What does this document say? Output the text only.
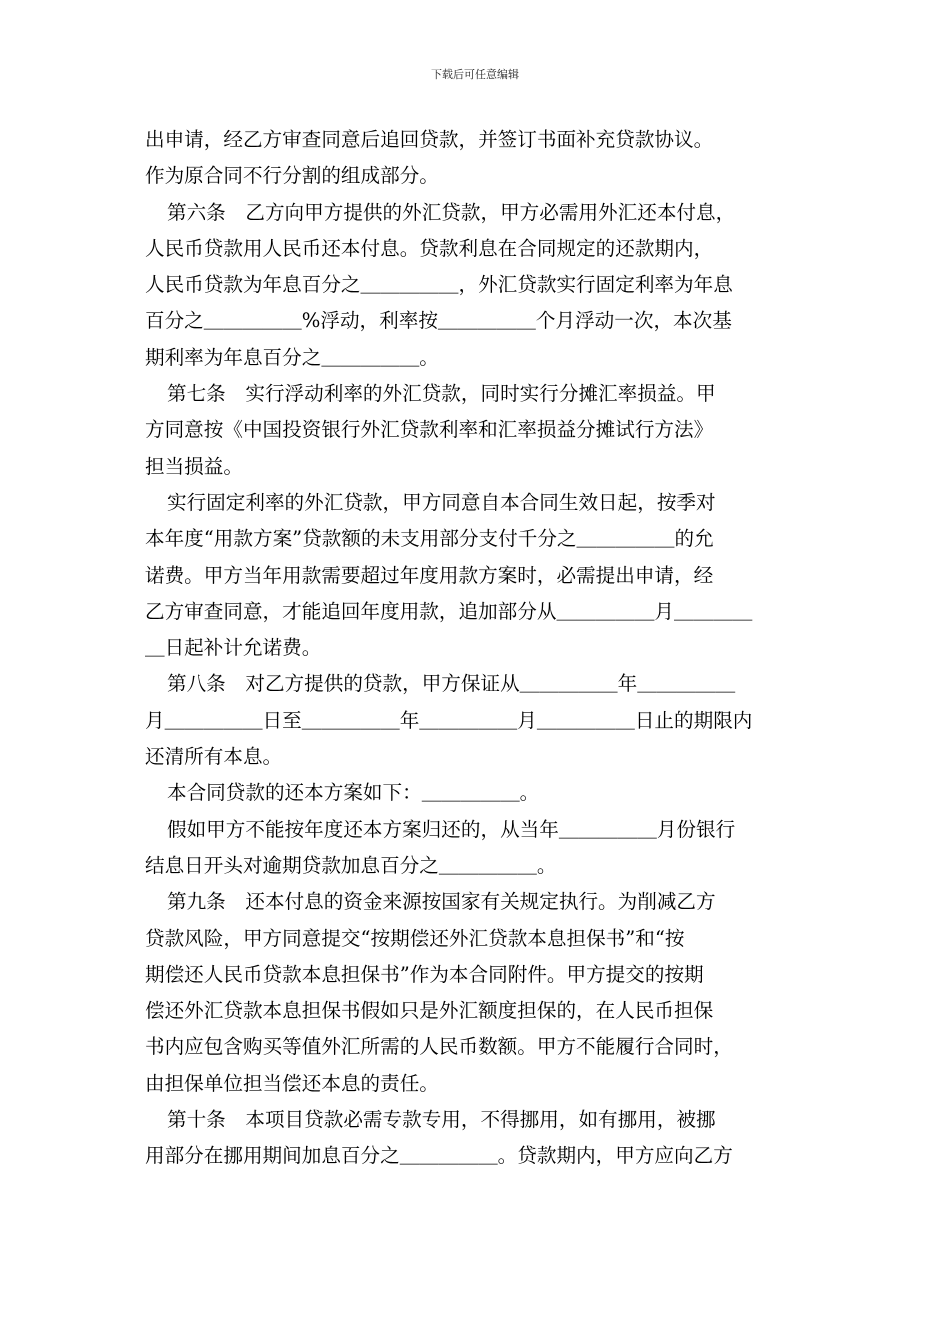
下载后可任意编辑
出申请，经乙方审查同意后追回贷款，并签订书面补充贷款协议。
作为原合同不行分割的组成部分。
第六条　乙方向甲方提供的外汇贷款，甲方必需用外汇还本付息，
人民币贷款用人民币还本付息。贷款利息在合同规定的还款期内，
人民币贷款为年息百分之＿＿＿＿＿，外汇贷款实行固定利率为年息
百分之＿＿＿＿＿%浮动，利率按＿＿＿＿＿个月浮动一次，本次基
期利率为年息百分之＿＿＿＿＿。
第七条　实行浮动利率的外汇贷款，同时实行分摊汇率损益。甲
方同意按《中国投资银行外汇贷款利率和汇率损益分摊试行方法》
担当损益。
实行固定利率的外汇贷款，甲方同意自本合同生效日起，按季对
本年度“用款方案”贷款额的未支用部分支付千分之＿＿＿＿＿的允
诺费。甲方当年用款需要超过年度用款方案时，必需提出申请，经
乙方审查同意，才能追回年度用款，追加部分从＿＿＿＿＿月＿＿＿＿
＿日起补计允诺费。
第八条　对乙方提供的贷款，甲方保证从＿＿＿＿＿年＿＿＿＿＿
月＿＿＿＿＿日至＿＿＿＿＿年＿＿＿＿＿月＿＿＿＿＿日止的期限内
还清所有本息。
本合同贷款的还本方案如下：＿＿＿＿＿。
假如甲方不能按年度还本方案归还的，从当年＿＿＿＿＿月份银行
结息日开头对逾期贷款加息百分之＿＿＿＿＿。
第九条　还本付息的资金来源按国家有关规定执行。为削减乙方
贷款风险，甲方同意提交“按期偿还外汇贷款本息担保书”和“按
期偿还人民币贷款本息担保书”作为本合同附件。甲方提交的按期
偿还外汇贷款本息担保书假如只是外汇额度担保的，在人民币担保
书内应包含购买等值外汇所需的人民币数额。甲方不能履行合同时，
由担保单位担当偿还本息的责任。
第十条　本项目贷款必需专款专用，不得挪用，如有挪用，被挪
用部分在挪用期间加息百分之＿＿＿＿＿。贷款期内，甲方应向乙方
